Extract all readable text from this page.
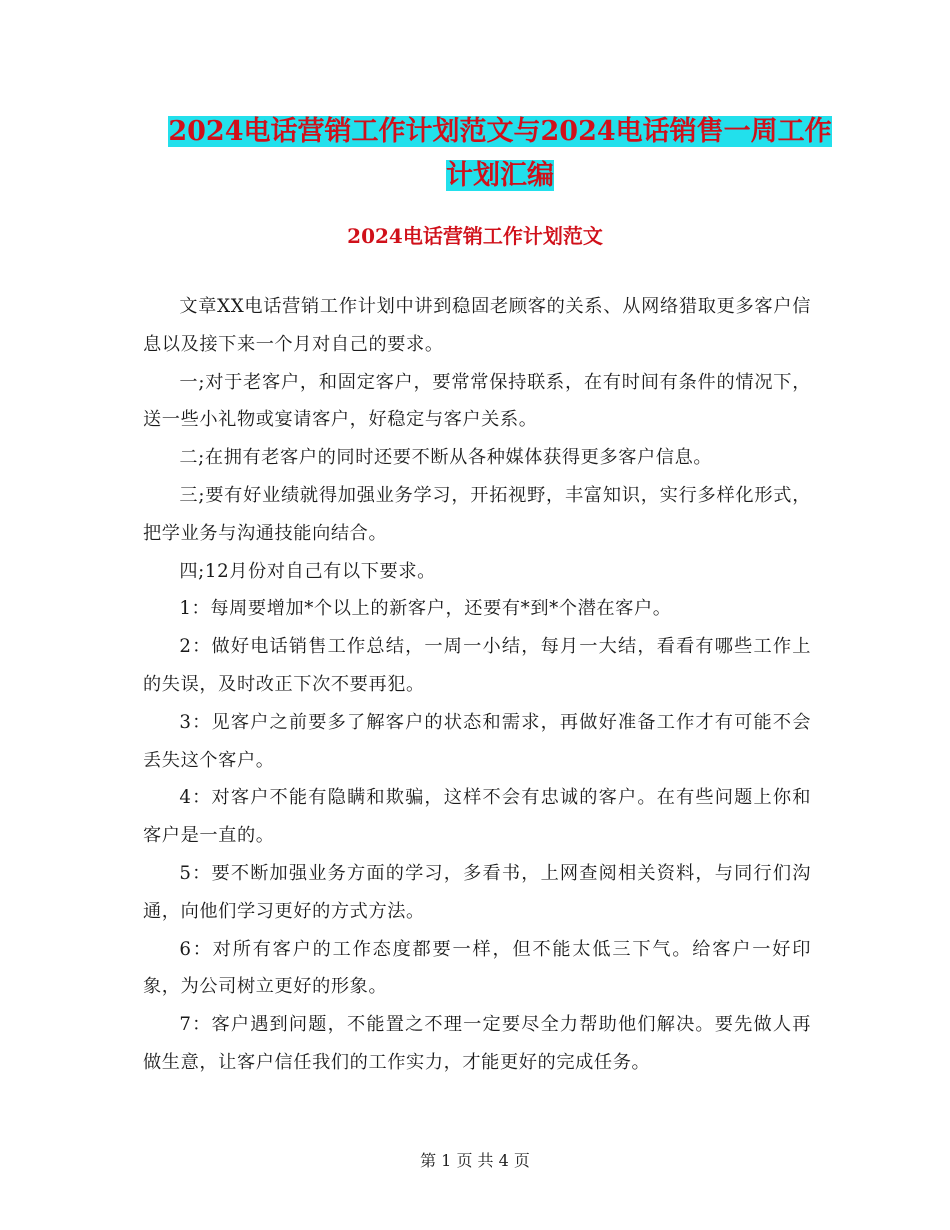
2024电话营销工作计划范文与2024电话销售一周工作
计划汇编
2024电话营销工作计划范文

文章XX电话营销工作计划中讲到稳固老顾客的关系、从网络猎取更多客户信息以及接下来一个月对自己的要求。

一;对于老客户，和固定客户，要常常保持联系，在有时间有条件的情况下，送一些小礼物或宴请客户，好稳定与客户关系。

二;在拥有老客户的同时还要不断从各种媒体获得更多客户信息。

三;要有好业绩就得加强业务学习，开拓视野，丰富知识，实行多样化形式，把学业务与沟通技能向结合。

四;12月份对自己有以下要求。

1：每周要增加*个以上的新客户，还要有*到*个潜在客户。

2：做好电话销售工作总结，一周一小结，每月一大结，看看有哪些工作上的失误，及时改正下次不要再犯。

3：见客户之前要多了解客户的状态和需求，再做好准备工作才有可能不会丢失这个客户。

4：对客户不能有隐瞒和欺骗，这样不会有忠诚的客户。在有些问题上你和客户是一直的。

5：要不断加强业务方面的学习，多看书，上网查阅相关资料，与同行们沟通，向他们学习更好的方式方法。

6：对所有客户的工作态度都要一样，但不能太低三下气。给客户一好印象，为公司树立更好的形象。

7：客户遇到问题，不能置之不理一定要尽全力帮助他们解决。要先做人再做生意，让客户信任我们的工作实力，才能更好的完成任务。

第 1 页 共 4 页
